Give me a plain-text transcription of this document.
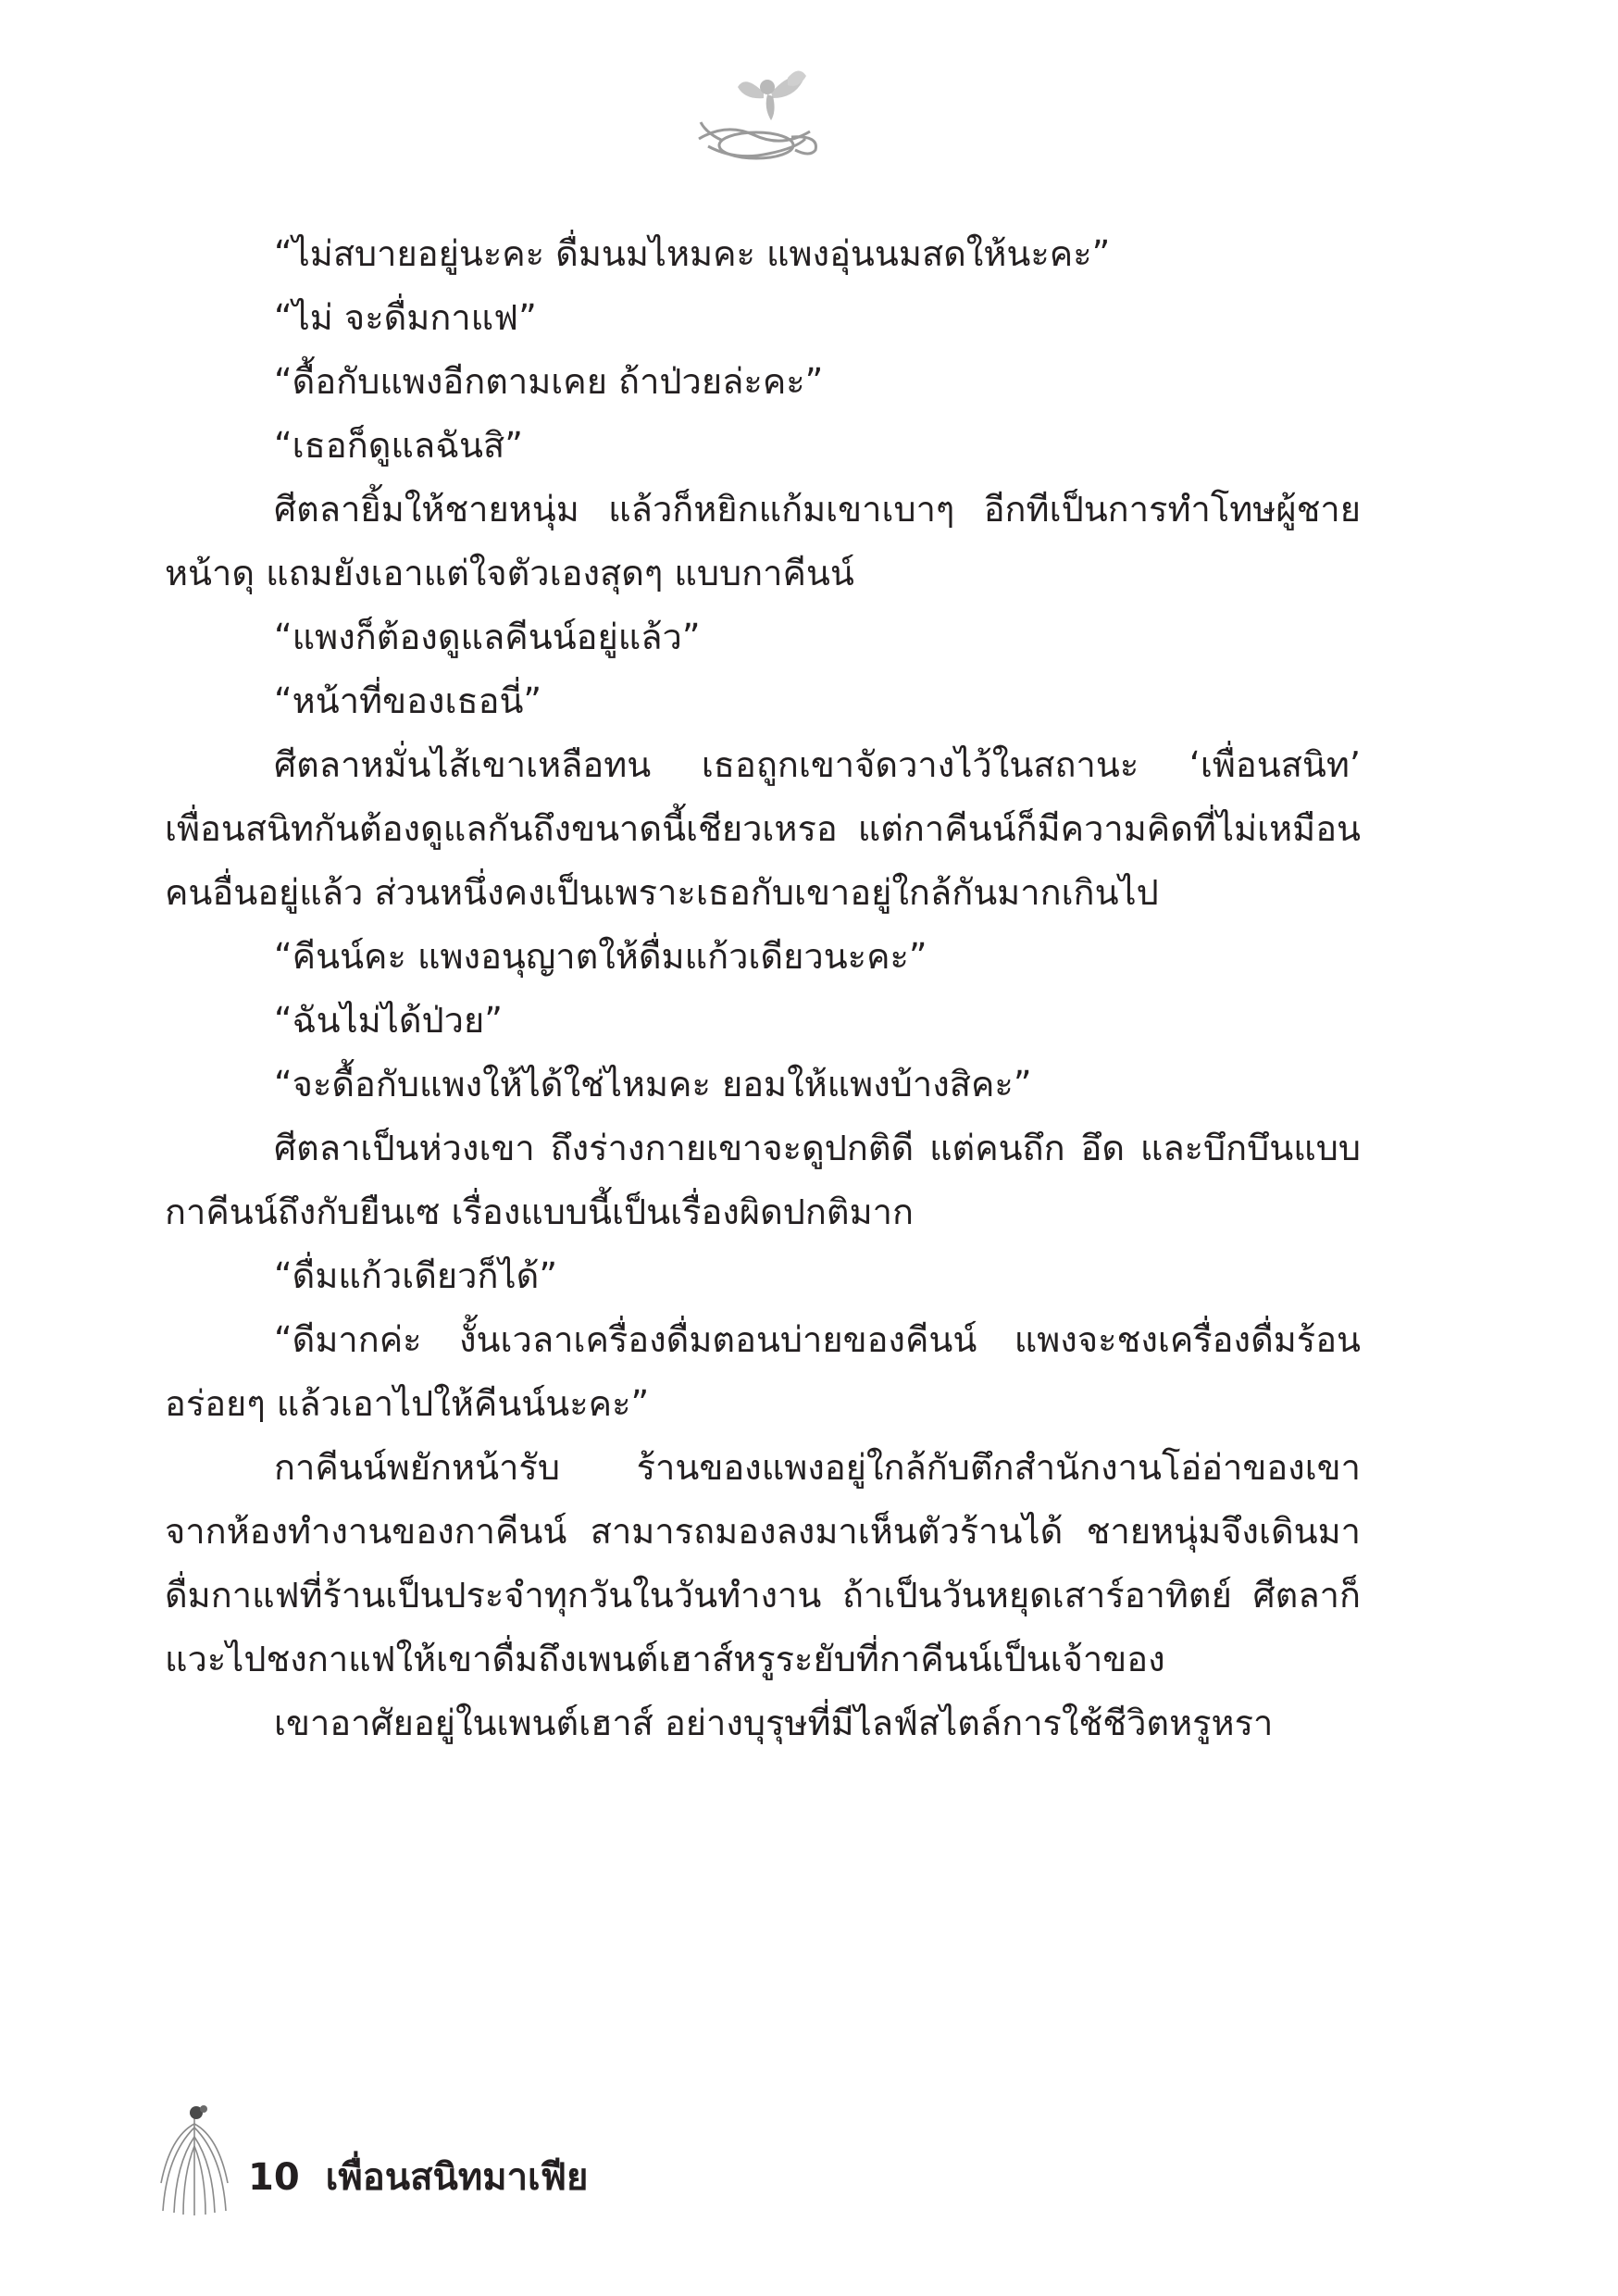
“ไม่สบายอยู่นะคะ ดื่มนมไหมคะ แพงอุ่นนมสดให้นะคะ”

“ไม่ จะดื่มกาแฟ”

“ดื้อกับแพงอีกตามเคย ถ้าป่วยล่ะคะ”

“เธอก็ดูแลฉันสิ”

ศีตลายิ้มให้ชายหนุ่ม แล้วก็หยิกแก้มเขาเบาๆ อีกทีเป็นการทำโทษผู้ชายหน้าดุ แถมยังเอาแต่ใจตัวเองสุดๆ แบบกาคีนน์

“แพงก็ต้องดูแลคีนน์อยู่แล้ว”

“หน้าที่ของเธอนี่”

ศีตลาหมั่นไส้เขาเหลือทน เธอถูกเขาจัดวางไว้ในสถานะ ‘เพื่อนสนิท’ เพื่อนสนิทกันต้องดูแลกันถึงขนาดนี้เชียวเหรอ แต่กาคีนน์ก็มีความคิดที่ไม่เหมือนคนอื่นอยู่แล้ว ส่วนหนึ่งคงเป็นเพราะเธอกับเขาอยู่ใกล้กันมากเกินไป

“คีนน์คะ แพงอนุญาตให้ดื่มแก้วเดียวนะคะ”

“ฉันไม่ได้ป่วย”

“จะดื้อกับแพงให้ได้ใช่ไหมคะ ยอมให้แพงบ้างสิคะ”

ศีตลาเป็นห่วงเขา ถึงร่างกายเขาจะดูปกติดี แต่คนถึก อึด และบึกบึนแบบกาคีนน์ถึงกับยืนเซ เรื่องแบบนี้เป็นเรื่องผิดปกติมาก

“ดื่มแก้วเดียวก็ได้”

“ดีมากค่ะ งั้นเวลาเครื่องดื่มตอนบ่ายของคีนน์ แพงจะชงเครื่องดื่มร้อนอร่อยๆ แล้วเอาไปให้คีนน์นะคะ”

กาคีนน์พยักหน้ารับ ร้านของแพงอยู่ใกล้กับตึกสำนักงานโอ่อ่าของเขา จากห้องทำงานของกาคีนน์ สามารถมองลงมาเห็นตัวร้านได้ ชายหนุ่มจึงเดินมาดื่มกาแฟที่ร้านเป็นประจำทุกวันในวันทำงาน ถ้าเป็นวันหยุดเสาร์อาทิตย์ ศีตลาก็แวะไปชงกาแฟให้เขาดื่มถึงเพนต์เฮาส์หรูระยับที่กาคีนน์เป็นเจ้าของ

เขาอาศัยอยู่ในเพนต์เฮาส์ อย่างบุรุษที่มีไลฟ์สไตล์การใช้ชีวิตหรูหรา

10 เพื่อนสนิทมาเฟีย
